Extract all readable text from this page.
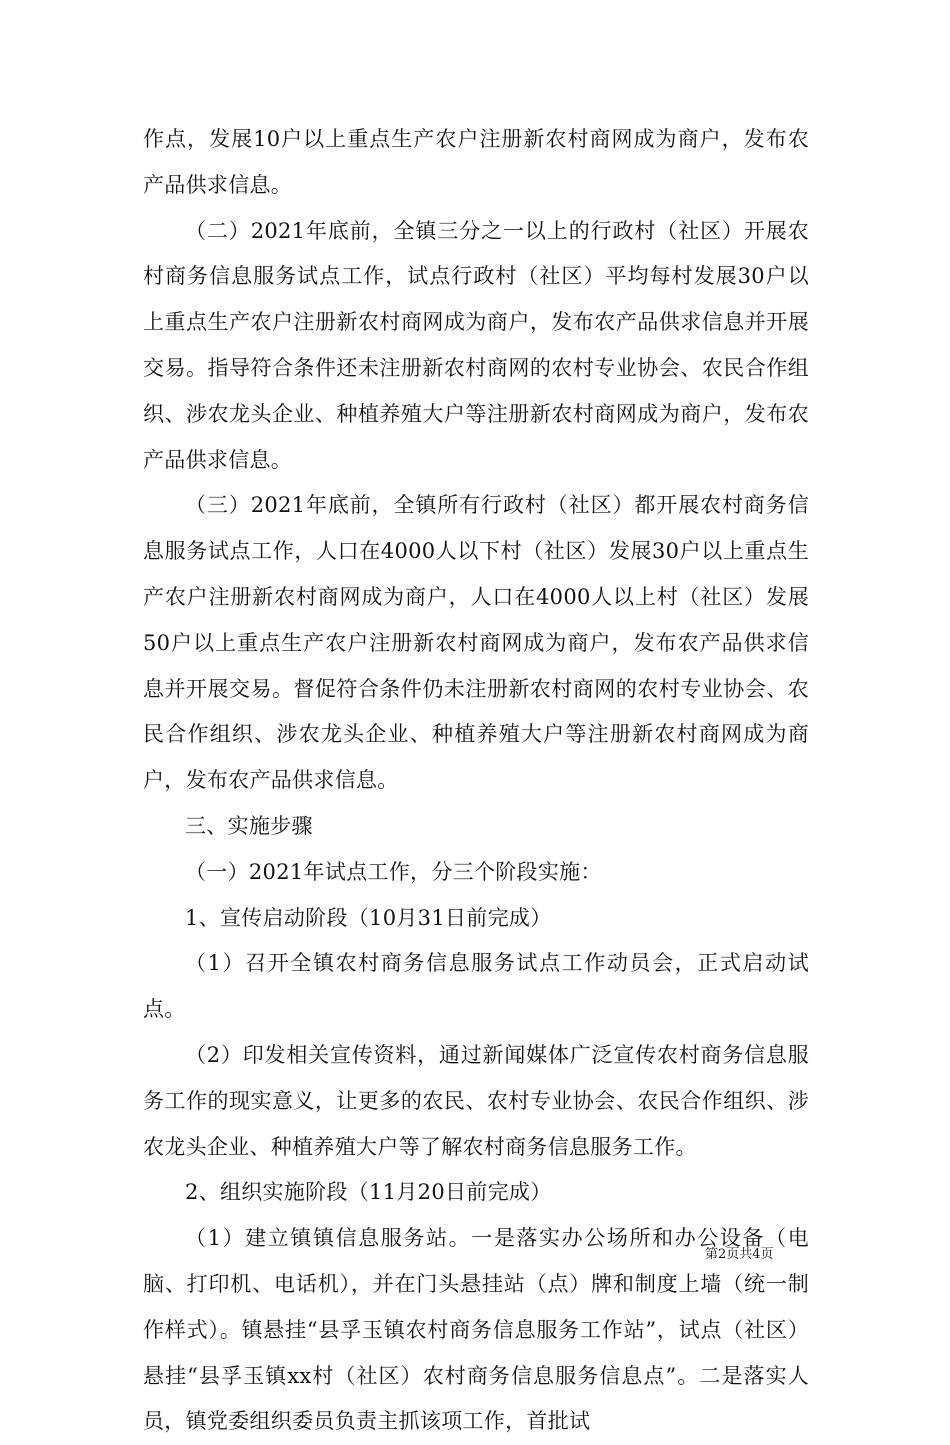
作点，发展10户以上重点生产农户注册新农村商网成为商户，发布农产品供求信息。

（二）2021年底前，全镇三分之一以上的行政村（社区）开展农村商务信息服务试点工作，试点行政村（社区）平均每村发展30户以上重点生产农户注册新农村商网成为商户，发布农产品供求信息并开展交易。指导符合条件还未注册新农村商网的农村专业协会、农民合作组织、涉农龙头企业、种植养殖大户等注册新农村商网成为商户，发布农产品供求信息。

（三）2021年底前，全镇所有行政村（社区）都开展农村商务信息服务试点工作，人口在4000人以下村（社区）发展30户以上重点生产农户注册新农村商网成为商户，人口在4000人以上村（社区）发展50户以上重点生产农户注册新农村商网成为商户，发布农产品供求信息并开展交易。督促符合条件仍未注册新农村商网的农村专业协会、农民合作组织、涉农龙头企业、种植养殖大户等注册新农村商网成为商户，发布农产品供求信息。

三、实施步骤

（一）2021年试点工作，分三个阶段实施：

1、宣传启动阶段（10月31日前完成）

（1）召开全镇农村商务信息服务试点工作动员会，正式启动试点。

（2）印发相关宣传资料，通过新闻媒体广泛宣传农村商务信息服务工作的现实意义，让更多的农民、农村专业协会、农民合作组织、涉农龙头企业、种植养殖大户等了解农村商务信息服务工作。

2、组织实施阶段（11月20日前完成）

（1）建立镇镇信息服务站。一是落实办公场所和办公设备（电脑、打印机、电话机），并在门头悬挂站（点）牌和制度上墙（统一制作样式）。镇悬挂“县孚玉镇农村商务信息服务工作站”，试点（社区）悬挂“县孚玉镇xx村（社区）农村商务信息服务信息点”。二是落实人员，镇党委组织委员负责主抓该项工作，首批试

第2页共4页
